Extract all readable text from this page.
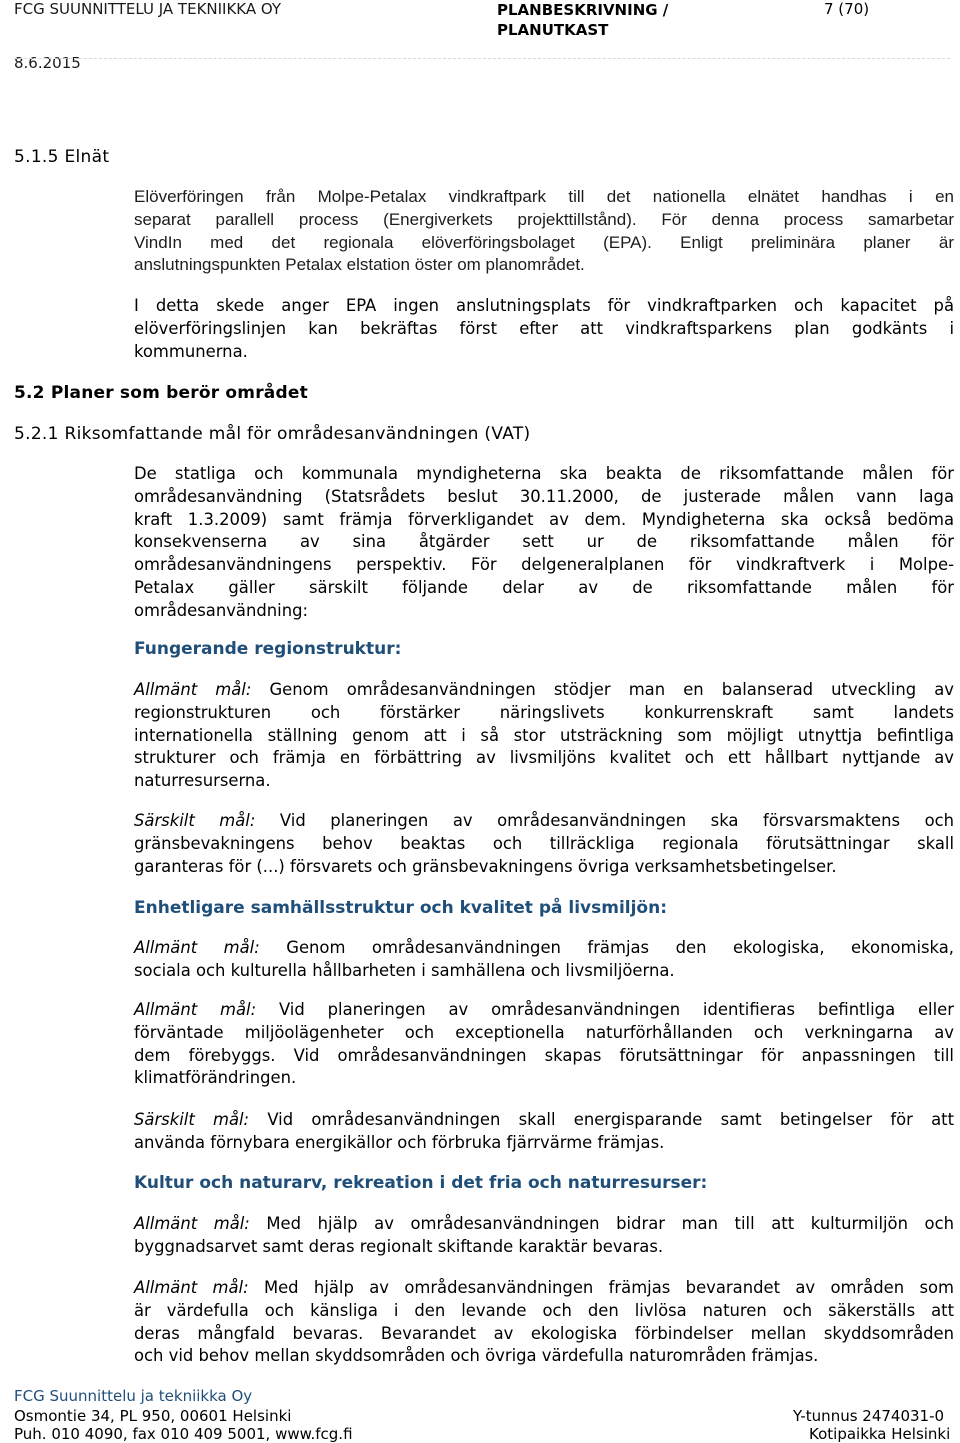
FCG SUUNNITTELU JA TEKNIIKKA OY
8.6.2015
PLANBESKRIVNING /
PLANUTKAST
7 (70)
5.1.5 Elnät
Elöverföringen från Molpe-Petalax vindkraftpark till det nationella elnätet handhas i en
separat parallell process (Energiverkets projekttillstånd). För denna process samarbetar
VindIn med det regionala elöverföringsbolaget (EPA). Enligt preliminära planer är
anslutningspunkten Petalax elstation öster om planområdet.
I detta skede anger EPA ingen anslutningsplats för vindkraftparken och kapacitet på
elöverföringslinjen kan bekräftas först efter att vindkraftsparkens plan godkänts i
kommunerna.
5.2 Planer som berör området
5.2.1 Riksomfattande mål för områdesanvändningen (VAT)
De statliga och kommunala myndigheterna ska beakta de riksomfattande målen för
områdesanvändning (Statsrådets beslut 30.11.2000, de justerade målen vann laga
kraft 1.3.2009) samt främja förverkligandet av dem. Myndigheterna ska också bedöma
konsekvenserna av sina åtgärder sett ur de riksomfattande målen för
områdesanvändningens perspektiv. För delgeneralplanen för vindkraftverk i Molpe-
Petalax gäller särskilt följande delar av de riksomfattande målen för
områdesanvändning:
Fungerande regionstruktur:
Allmänt mål: Genom områdesanvändningen stödjer man en balanserad utveckling av
regionstrukturen och förstärker näringslivets konkurrenskraft samt landets
internationella ställning genom att i så stor utsträckning som möjligt utnyttja befintliga
strukturer och främja en förbättring av livsmiljöns kvalitet och ett hållbart nyttjande av
naturresurserna.
Särskilt mål: Vid planeringen av områdesanvändningen ska försvarsmaktens och
gränsbevakningens behov beaktas och tillräckliga regionala förutsättningar skall
garanteras för (...) försvarets och gränsbevakningens övriga verksamhetsbetingelser.
Enhetligare samhällsstruktur och kvalitet på livsmiljön:
Allmänt mål: Genom områdesanvändningen främjas den ekologiska, ekonomiska,
sociala och kulturella hållbarheten i samhällena och livsmiljöerna.
Allmänt mål: Vid planeringen av områdesanvändningen identifieras befintliga eller
förväntade miljöolägenheter och exceptionella naturförhållanden och verkningarna av
dem förebyggs. Vid områdesanvändningen skapas förutsättningar för anpassningen till
klimatförändringen.
Särskilt mål: Vid områdesanvändningen skall energisparande samt betingelser för att
använda förnybara energikällor och förbruka fjärrvärme främjas.
Kultur och naturarv, rekreation i det fria och naturresurser:
Allmänt mål: Med hjälp av områdesanvändningen bidrar man till att kulturmiljön och
byggnadsarvet samt deras regionalt skiftande karaktär bevaras.
Allmänt mål: Med hjälp av områdesanvändningen främjas bevarandet av områden som
är värdefulla och känsliga i den levande och den livlösa naturen och säkerställs att
deras mångfald bevaras. Bevarandet av ekologiska förbindelser mellan skyddsområden
och vid behov mellan skyddsområden och övriga värdefulla naturområden främjas.
FCG Suunnittelu ja tekniikka Oy
Osmontie 34, PL 950, 00601 Helsinki
Puh. 010 4090, fax 010 409 5001, www.fcg.fi
Y-tunnus 2474031-0
Kotipaikka Helsinki
